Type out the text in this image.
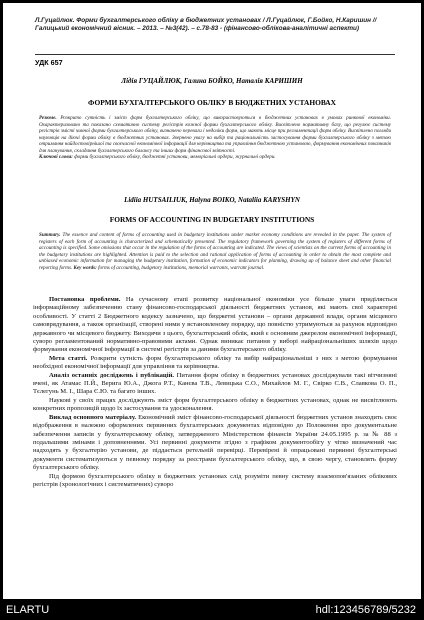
Л.Гуцайлюк. Форми бухгалтерського обліку в бюджетних установах / Л.Гуцайлюк, Г.Бойко, Н.Каришин // Галицький економічний вісник. – 2013. – №3(42). – с.78-83 - (фінансово-облікова-аналітичні аспекти)
УДК 657
Лідія ГУЦАЙЛЮК, Галина БОЙКО, Наталія КАРИШИН
ФОРМИ БУХГАЛТЕРСЬКОГО ОБЛІКУ В БЮДЖЕТНИХ УСТАНОВАХ
Резюме. Розкрито сутність і зміст форм бухгалтерського обліку, що використовуються в бюджетних установах в умовах ринкової економіки. Охарактеризовано та показано схематично систему регістрів кожної форми бухгалтерського обліку. Висвітлено нормативну базу, що регулює систему регістрів змісті чинної форми бухгалтерського обліку, визначено переваги і недоліки форм, що мають місце при регламентаціі форм обліку. Висвітлено погляди науковців на діючі форми обліку в бюджетних установах. Звернено увагу на вибір та раціональність застосування форми бухгалтерського обліку з метою отримання найдостовірнішої та своєчасної економічної інформації для керівництва та управління бюджетною установою, формування економічних показників для планування, складання бухгалтерського балансу та інших форм фінансової звітності.
Ключові слова: форми бухгалтерського обліку, бюджетні установи, меморіальні ордери, журнальні ордери.
Lidiia HUTSAILIUK, Halyna BOIKO, Nataliia KARYSHYN
FORMS OF ACCOUNTING IN BUDGETARY INSTITUTIONS
Summary. The essence and content of forms of accounting used in budgetary institutions under market economy conditions are revealed in the paper. The system of registers of each form of accounting is characterized and schematically presented. The regulatory framework governing the system of registers of different forms of accounting is specified. Some omissions that occur in the regulation of the forms of accounting are indicated. The views of scientists on the current forms of accounting in the budgetary institutions are highlighted. Attention is paid to the selection and rational application of forms of accounting in order to obtain the most complete and unbiased economic information for managing the budgetary institution, formation of economic indicators for planning, drawing up of balance sheet and other financial reporting forms. Key words: forms of accounting, budgetary institutions, memorial warrants, warrant journal.

Постановка проблеми. На сучасному етапі розвитку національної економіки усе більше уваги приділяється інформаційному забезпеченню стану фінансово-господарської діяльності бюджетних установ, які мають свої характерні особливості. У статті 2 Бюджетного кодексу зазначено, що бюджетні установи – органи державної влади, органи місцевого самоврядування, а також організації, створені ними у встановленому порядку, що повністю утримуються за рахунок відповідно державного чи місцевого бюджету. Виходячи з цього, бухгалтерський облік, який є основним джерелом економічної інформації, суворо регламентований нормативно-правовими актами. Однак виникає питання у виборі найраціональніших шляхів щодо формування економічної інформації в системі регістрів за даними бухгалтерського обліку.

Мета статті. Розкрити сутність форм бухгалтерського обліку та вибір найраціональніші з них з метою формування необхідної економічної інформації для управління та керівництва.

Аналіз останніх досліджень і публікацій. Питання форм обліку в бюджетних установах досліджували такі вітчизняні вчені, як Атамас П.Й., Верига Ю.А., Джога Р.Т., Канєва Т.В., Левицька С.О., Михайлов М. Г., Свірко С.В., Славкова О. П., Тєлегунь М. І., Шара Є.Ю. та багато інших.

Наукові у своїх працях досліджують зміст форм бухгалтерського обліку в бюджетних установах, однак не висвітлюють конкретних пропозицій щодо їх застосування та удосконалення.

Виклад основного матеріалу. Економічний зміст фінансово-господарської діяльності бюджетних установ знаходить своє відображення в належно оформлених первинних бухгалтерських документах відповідно до Положення про документальне забезпечення записів у бухгалтерському обліку, затвердженого Міністерством фінансів України 24.05.1995 р. за № 88 з подальшими змінами і доповненнями. Усі первинні документи згідно з графіком документообігу у чітко визначений час надходять у бухгалтерію установи, де піддається ретельній перевірці. Перевірені й опрацьовані первинні бухгалтерські документи систематизуються у певному порядку за реєстрами бухгалтерського обліку, що, в свою чергу, становлять форму бухгалтерського обліку.

Під формою бухгалтерського обліку в бюджетних установах слід розуміти певну систему взаємопов'язаних облікових регістрів (хронологічних і систематичних) суворо

ELARTU	hdl:123456789/5232
